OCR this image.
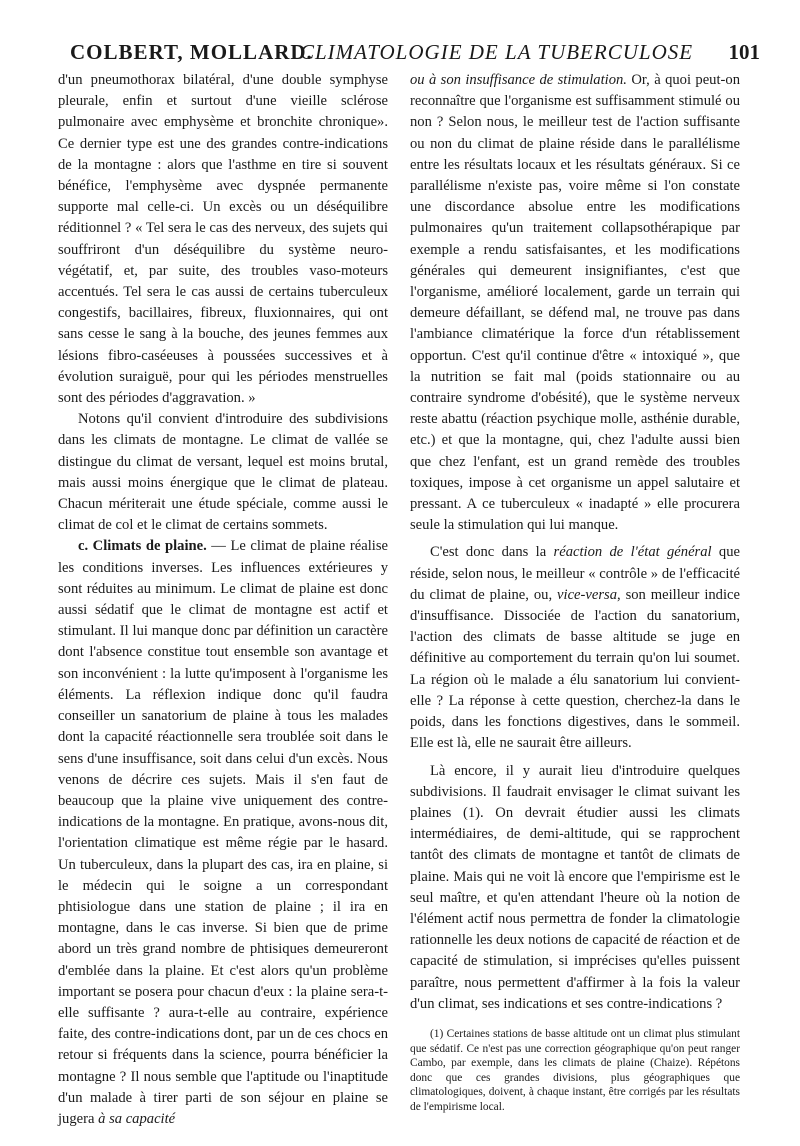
COLBERT, MOLLARD.
CLIMATOLOGIE DE LA TUBERCULOSE 101

d'un pneumothorax bilatéral, d'une double symphyse pleurale, enfin et surtout d'une vieille sclérose pulmonaire avec emphysème et bronchite chronique». Ce dernier type est une des grandes contre-indications de la montagne : alors que l'asthme en tire si souvent bénéfice, l'emphysème avec dyspnée permanente supporte mal celle-ci. Un excès ou un déséquilibre réditionnel ? « Tel sera le cas des nerveux, des sujets qui souffriront d'un déséquilibre du système neuro-végétatif, et, par suite, des troubles vaso-moteurs accentués. Tel sera le cas aussi de certains tuberculeux congestifs, bacillaires, fibreux, fluxionnaires, qui ont sans cesse le sang à la bouche, des jeunes femmes aux lésions fibro-caséeuses à poussées successives et à évolution suraiguë, pour qui les périodes menstruelles sont des périodes d'aggravation. »

Notons qu'il convient d'introduire des subdivisions dans les climats de montagne. Le climat de vallée se distingue du climat de versant, lequel est moins brutal, mais aussi moins énergique que le climat de plateau. Chacun mériterait une étude spéciale, comme aussi le climat de col et le climat de certains sommets.

c. Climats de plaine. — Le climat de plaine réalise les conditions inverses. Les influences extérieures y sont réduites au minimum. Le climat de plaine est donc aussi sédatif que le climat de montagne est actif et stimulant. Il lui manque donc par définition un caractère dont l'absence constitue tout ensemble son avantage et son inconvénient : la lutte qu'imposent à l'organisme les éléments. La réflexion indique donc qu'il faudra conseiller un sanatorium de plaine à tous les malades dont la capacité réactionnelle sera troublée soit dans le sens d'une insuffisance, soit dans celui d'un excès. Nous venons de décrire ces sujets. Mais il s'en faut de beaucoup que la plaine vive uniquement des contre-indications de la montagne. En pratique, avons-nous dit, l'orientation climatique est même régie par le hasard. Un tuberculeux, dans la plupart des cas, ira en plaine, si le médecin qui le soigne a un correspondant phtisiologue dans une station de plaine ; il ira en montagne, dans le cas inverse. Si bien que de prime abord un très grand nombre de phtisiques demeureront d'emblée dans la plaine. Et c'est alors qu'un problème important se posera pour chacun d'eux : la plaine sera-t-elle suffisante ? aura-t-elle au contraire, expérience faite, des contre-indications dont, par un de ces chocs en retour si fréquents dans la science, pourra bénéficier la montagne ? Il nous semble que l'aptitude ou l'inaptitude d'un malade à tirer parti de son séjour en plaine se jugera à sa capacité

ou à son insuffisance de stimulation. Or, à quoi peut-on reconnaître que l'organisme est suffisamment stimulé ou non ? Selon nous, le meilleur test de l'action suffisante ou non du climat de plaine réside dans le parallélisme entre les résultats locaux et les résultats généraux. Si ce parallélisme n'existe pas, voire même si l'on constate une discordance absolue entre les modifications pulmonaires qu'un traitement collapsothérapique par exemple a rendu satisfaisantes, et les modifications générales qui demeurent insignifiantes, c'est que l'organisme, amélioré localement, garde un terrain qui demeure défaillant, se défend mal, ne trouve pas dans l'ambiance climatérique la force d'un rétablissement opportun. C'est qu'il continue d'être « intoxiqué », que la nutrition se fait mal (poids stationnaire ou au contraire syndrome d'obésité), que le système nerveux reste abattu (réaction psychique molle, asthénie durable, etc.) et que la montagne, qui, chez l'adulte aussi bien que chez l'enfant, est un grand remède des troubles toxiques, impose à cet organisme un appel salutaire et pressant. A ce tuberculeux « inadapté » elle procurera seule la stimulation qui lui manque.

C'est donc dans la réaction de l'état général que réside, selon nous, le meilleur « contrôle » de l'efficacité du climat de plaine, ou, vice-versa, son meilleur indice d'insuffisance. Dissociée de l'action du sanatorium, l'action des climats de basse altitude se juge en définitive au comportement du terrain qu'on lui soumet. La région où le malade a élu sanatorium lui convient-elle ? La réponse à cette question, cherchez-la dans le poids, dans les fonctions digestives, dans le sommeil. Elle est là, elle ne saurait être ailleurs.

Là encore, il y aurait lieu d'introduire quelques subdivisions. Il faudrait envisager le climat suivant les plaines (1). On devrait étudier aussi les climats intermédiaires, de demi-altitude, qui se rapprochent tantôt des climats de montagne et tantôt de climats de plaine. Mais qui ne voit là encore que l'empirisme est le seul maître, et qu'en attendant l'heure où la notion de l'élément actif nous permettra de fonder la climatologie rationnelle les deux notions de capacité de réaction et de capacité de stimulation, si imprécises qu'elles puissent paraître, nous permettent d'affirmer à la fois la valeur d'un climat, ses indications et ses contre-indications ?

(1) Certaines stations de basse altitude ont un climat plus stimulant que sédatif. Ce n'est pas une correction géographique qu'on peut ranger Cambo, par exemple, dans les climats de plaine (Chaize). Répétons donc que ces grandes divisions, plus géographiques que climatologiques, doivent, à chaque instant, être corrigés par les résultats de l'empirisme local.
